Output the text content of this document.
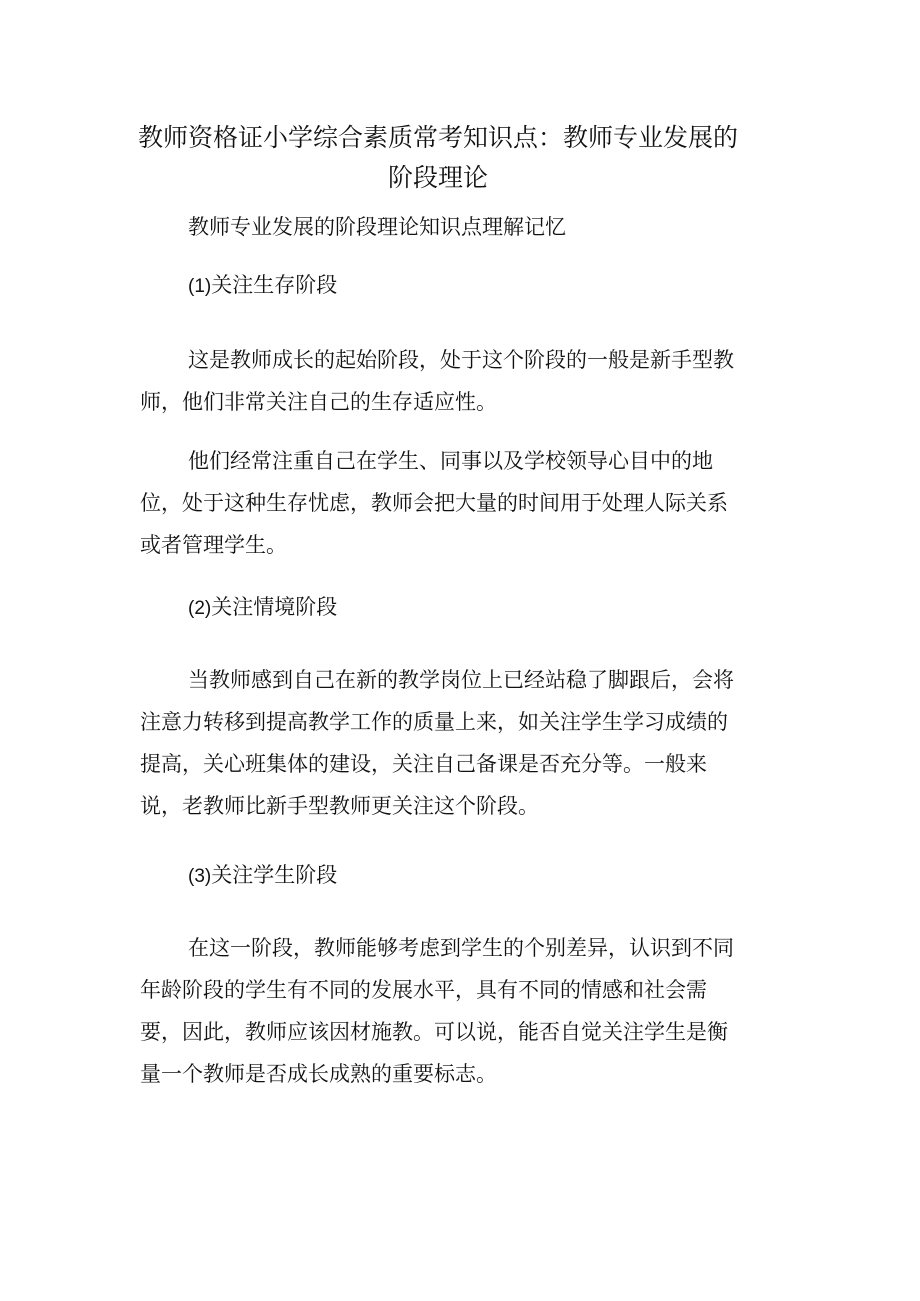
教师资格证小学综合素质常考知识点：教师专业发展的阶段理论

教师专业发展的阶段理论知识点理解记忆

(1)关注生存阶段

这是教师成长的起始阶段，处于这个阶段的一般是新手型教师，他们非常关注自己的生存适应性。

他们经常注重自己在学生、同事以及学校领导心目中的地位，处于这种生存忧虑，教师会把大量的时间用于处理人际关系或者管理学生。

(2)关注情境阶段

当教师感到自己在新的教学岗位上已经站稳了脚跟后，会将注意力转移到提高教学工作的质量上来，如关注学生学习成绩的提高，关心班集体的建设，关注自己备课是否充分等。一般来说，老教师比新手型教师更关注这个阶段。

(3)关注学生阶段

在这一阶段，教师能够考虑到学生的个别差异，认识到不同年龄阶段的学生有不同的发展水平，具有不同的情感和社会需要，因此，教师应该因材施教。可以说，能否自觉关注学生是衡量一个教师是否成长成熟的重要标志。
